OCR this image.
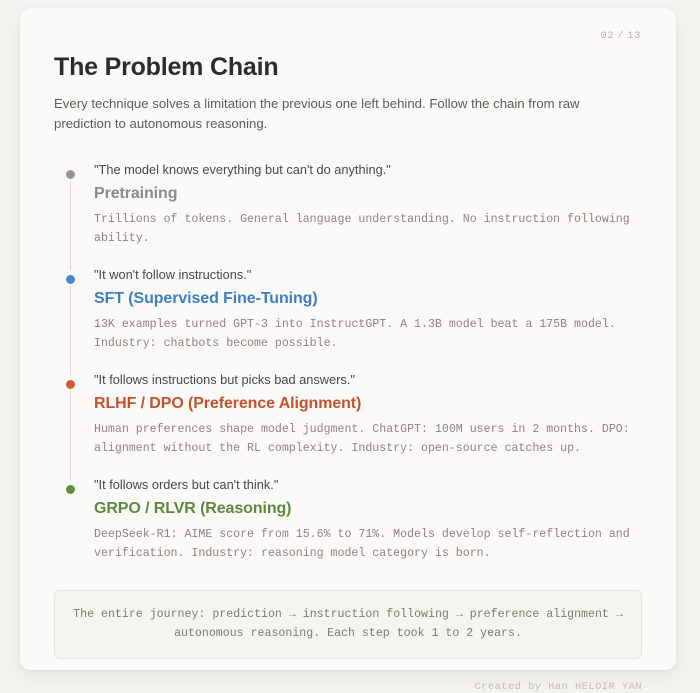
02 / 13
The Problem Chain

Every technique solves a limitation the previous one left behind. Follow the chain from raw prediction to autonomous reasoning.

"The model knows everything but can't do anything."

Pretraining

Trillions of tokens. General language understanding. No instruction following ability.

"It won't follow instructions."

SFT (Supervised Fine-Tuning)

13K examples turned GPT-3 into InstructGPT. A 1.3B model beat a 175B model. Industry: chatbots become possible.

"It follows instructions but picks bad answers."

RLHF / DPO (Preference Alignment)

Human preferences shape model judgment. ChatGPT: 100M users in 2 months. DPO: alignment without the RL complexity. Industry: open-source catches up.

"It follows orders but can't think."

GRPO / RLVR (Reasoning)

DeepSeek-R1: AIME score from 15.6% to 71%. Models develop self-reflection and verification. Industry: reasoning model category is born.

The entire journey: prediction → instruction following → preference alignment → autonomous reasoning. Each step took 1 to 2 years.
Created by Han HELOIR YAN
